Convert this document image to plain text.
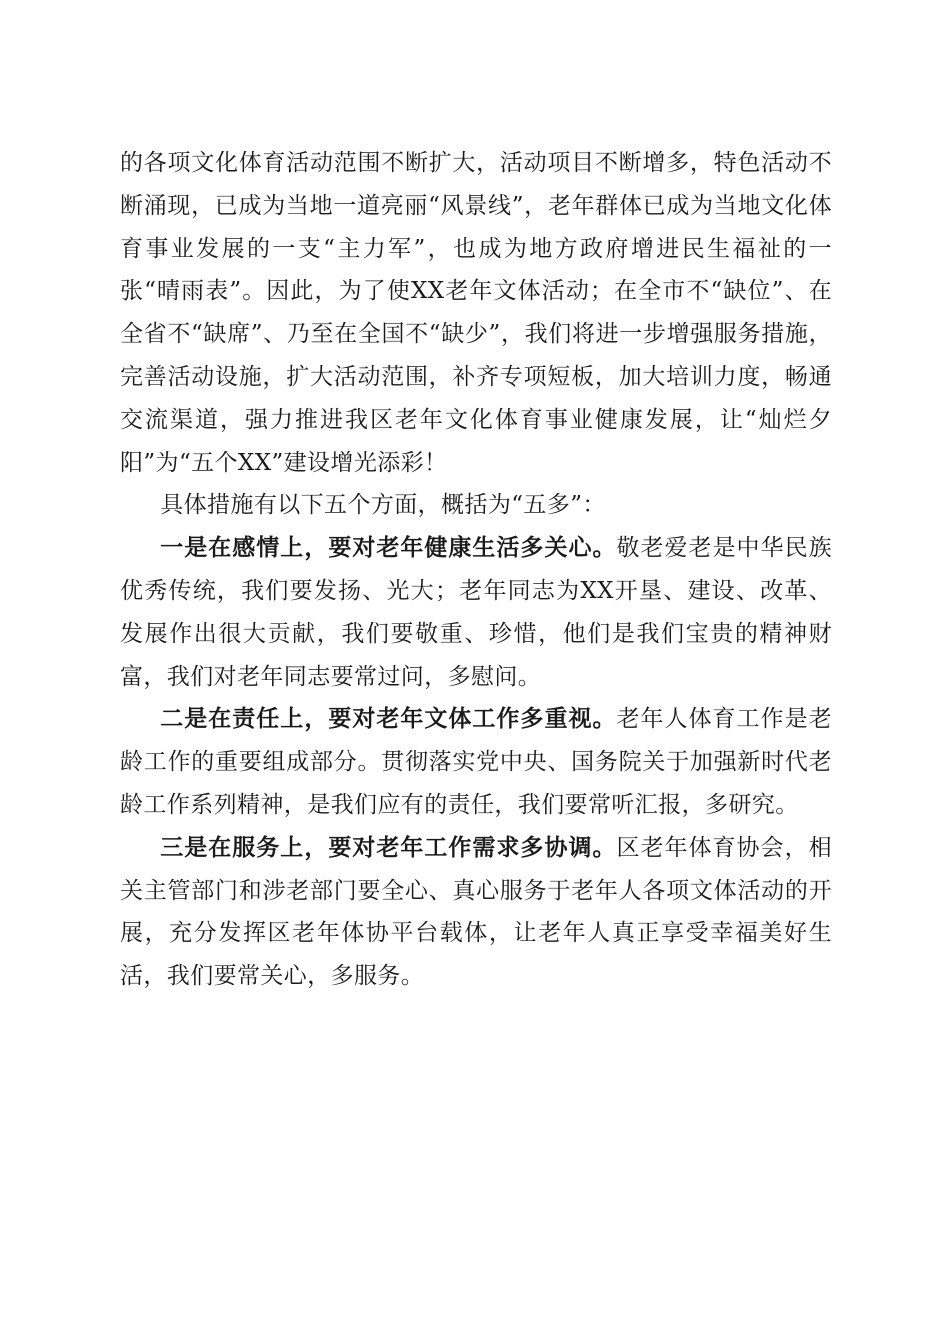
的各项文化体育活动范围不断扩大，活动项目不断增多，特色活动不断涌现，已成为当地一道亮丽“风景线”，老年群体已成为当地文化体育事业发展的一支“主力军”，也成为地方政府增进民生福祉的一张“晴雨表”。因此，为了使XX老年文体活动；在全市不“缺位”、在全省不“缺席”、乃至在全国不“缺少”，我们将进一步增强服务措施，完善活动设施，扩大活动范围，补齐专项短板，加大培训力度，畅通交流渠道，强力推进我区老年文化体育事业健康发展，让“灿烂夕阳”为“五个XX”建设增光添彩！

具体措施有以下五个方面，概括为“五多”：

一是在感情上，要对老年健康生活多关心。敬老爱老是中华民族优秀传统，我们要发扬、光大；老年同志为XX开垦、建设、改革、发展作出很大贡献，我们要敬重、珍惜，他们是我们宝贵的精神财富，我们对老年同志要常过问，多慰问。

二是在责任上，要对老年文体工作多重视。老年人体育工作是老龄工作的重要组成部分。贯彻落实党中央、国务院关于加强新时代老龄工作系列精神，是我们应有的责任，我们要常听汇报，多研究。

三是在服务上，要对老年工作需求多协调。区老年体育协会，相关主管部门和涉老部门要全心、真心服务于老年人各项文体活动的开展，充分发挥区老年体协平台载体，让老年人真正享受幸福美好生活，我们要常关心，多服务。
